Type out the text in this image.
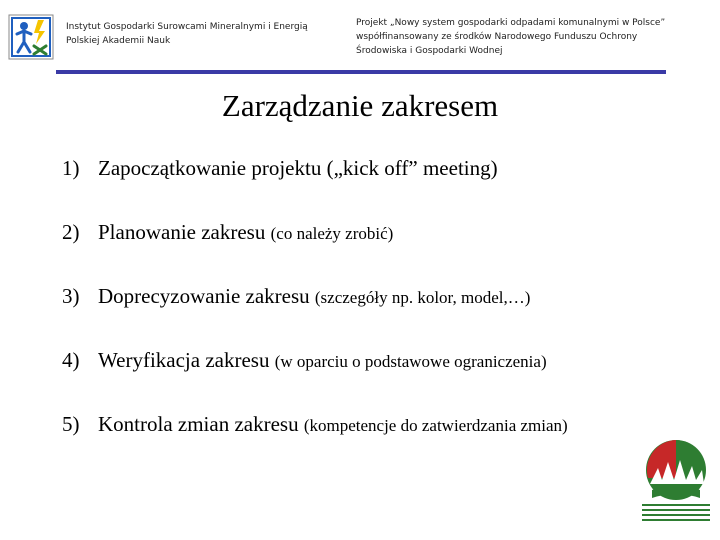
Instytut Gospodarki Surowcami Mineralnymi i Energią
Polskiej Akademii Nauk
Projekt „Nowy system gospodarki odpadami komunalnymi w Polsce”
współfinansowany ze środków Narodowego Funduszu Ochrony
Środowiska i Gospodarki Wodnej
Zarządzanie zakresem
1) Zapoczątkowanie projektu („kick off” meeting)
2) Planowanie zakresu (co należy zrobić)
3) Doprecyzowanie zakresu (szczegóły np. kolor, model,…)
4) Weryfikacja zakresu (w oparciu o podstawowe ograniczenia)
5) Kontrola zmian zakresu (kompetencje do zatwierdzania zmian)
